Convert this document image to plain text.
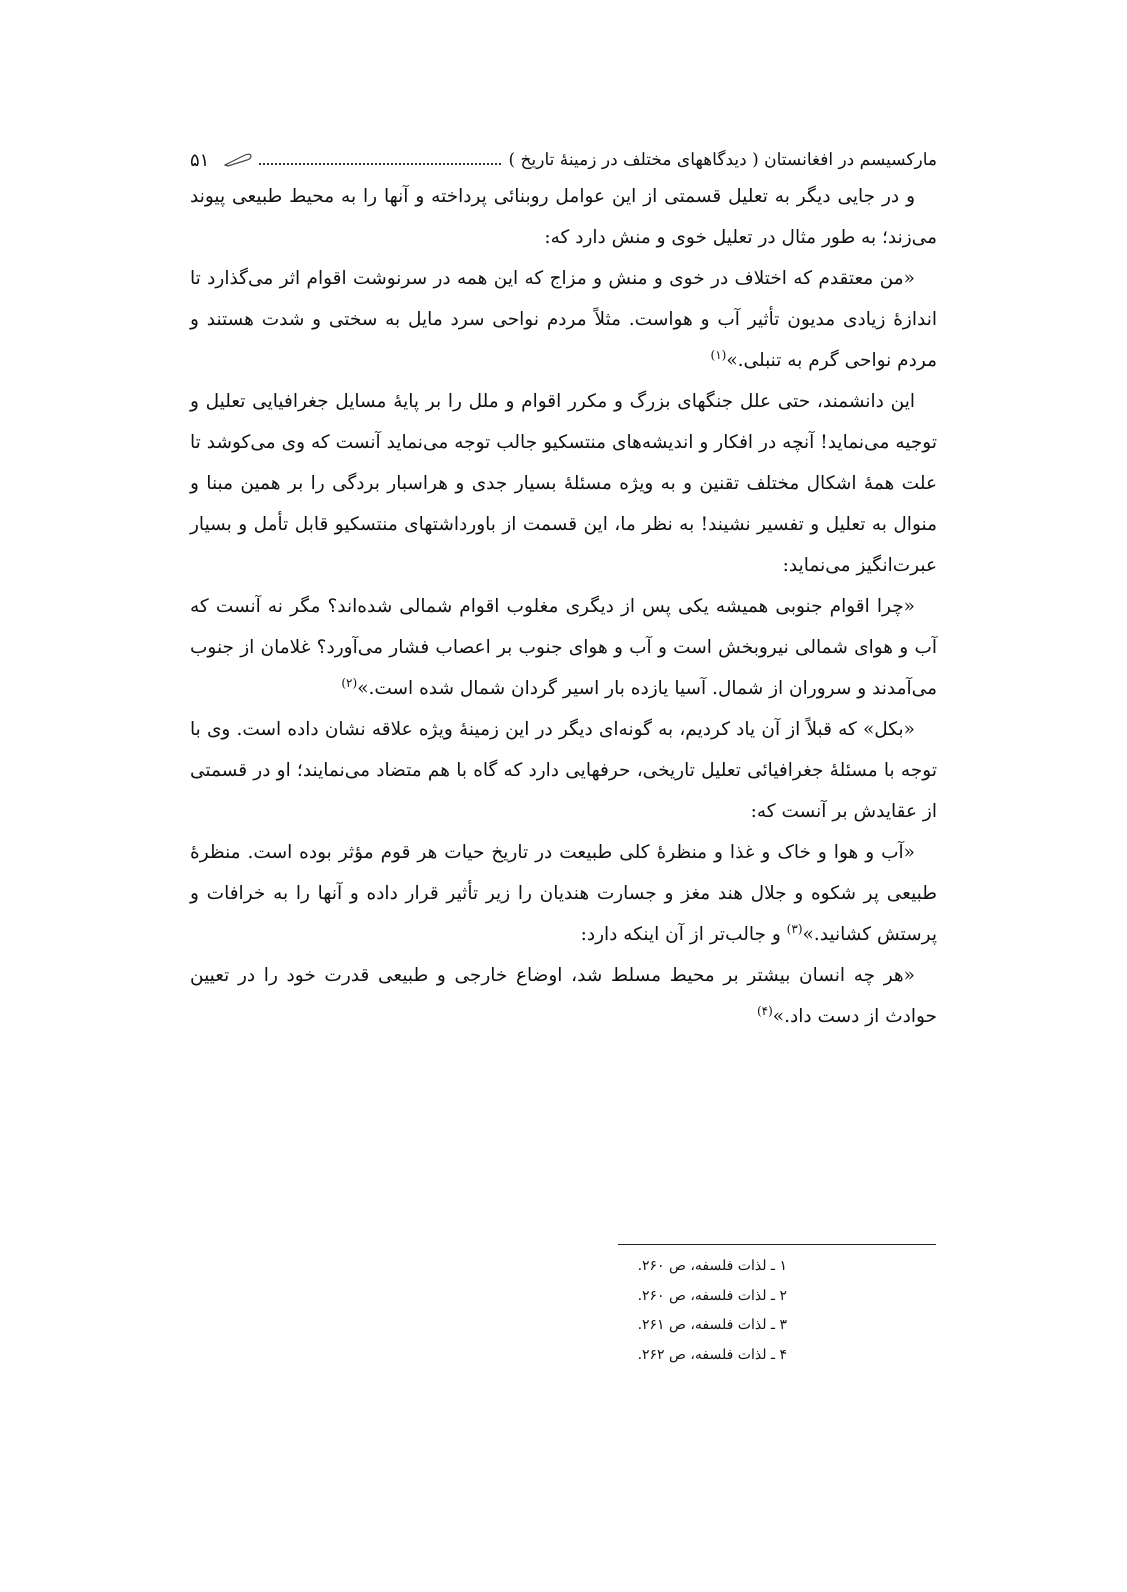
مارکسیسم در افغانستان ( دیدگاههای مختلف در زمینهٔ تاریخ )
۵۱

و در جایی دیگر به تعلیل قسمتی از این عوامل روبنائی پرداخته و آنها را به محیط طبیعی پیوند می‌زند؛ به طور مثال در تعلیل خوی و منش دارد که:

«من معتقدم که اختلاف در خوی و منش و مزاج که این همه در سرنوشت اقوام اثر می‌گذارد تا اندازهٔ زیادی مدیون تأثیر آب و هواست. مثلاً مردم نواحی سرد مایل به سختی و شدت هستند و مردم نواحی گرم به تنبلی.»$^{(۱)}$

این دانشمند، حتی علل جنگهای بزرگ و مکرر اقوام و ملل را بر پایهٔ مسایل جغرافیایی تعلیل و توجیه می‌نماید! آنچه در افکار و اندیشه‌های منتسکیو جالب توجه می‌نماید آنست که وی می‌کوشد تا علت همهٔ اشکال مختلف تقنین و به ویژه مسئلهٔ بسیار جدی و هراسبار بردگی را بر همین مبنا و منوال به تعلیل و تفسیر نشیند! به نظر ما، این قسمت از باورداشتهای منتسکیو قابل تأمل و بسیار عبرت‌انگیز می‌نماید:

«چرا اقوام جنوبی همیشه یکی پس از دیگری مغلوب اقوام شمالی شده‌اند؟ مگر نه آنست که آب و هوای شمالی نیروبخش است و آب و هوای جنوب بر اعصاب فشار می‌آورد؟ غلامان از جنوب می‌آمدند و سروران از شمال. آسیا یازده بار اسیر گردان شمال شده است.»$^{(۲)}$

«بکل» که قبلاً از آن یاد کردیم، به گونه‌ای دیگر در این زمینهٔ ویژه علاقه نشان داده است. وی با توجه با مسئلهٔ جغرافیائی تعلیل تاریخی، حرفهایی دارد که گاه با هم متضاد می‌نمایند؛ او در قسمتی از عقایدش بر آنست که:

«آب و هوا و خاک و غذا و منظرهٔ کلی طبیعت در تاریخ حیات هر قوم مؤثر بوده است. منظرهٔ طبیعی پر شکوه و جلال هند مغز و جسارت هندیان را زیر تأثیر قرار داده و آنها را به خرافات و پرستش کشانید.»$^{(۳)}$ و جالب‌تر از آن اینکه دارد:

«هر چه انسان بیشتر بر محیط مسلط شد، اوضاع خارجی و طبیعی قدرت خود را در تعیین حوادث از دست داد.»$^{(۴)}$

۱ ـ لذات فلسفه، ص ۲۶۰.
۲ ـ لذات فلسفه، ص ۲۶۰.
۳ ـ لذات فلسفه، ص ۲۶۱.
۴ ـ لذات فلسفه، ص ۲۶۲.
